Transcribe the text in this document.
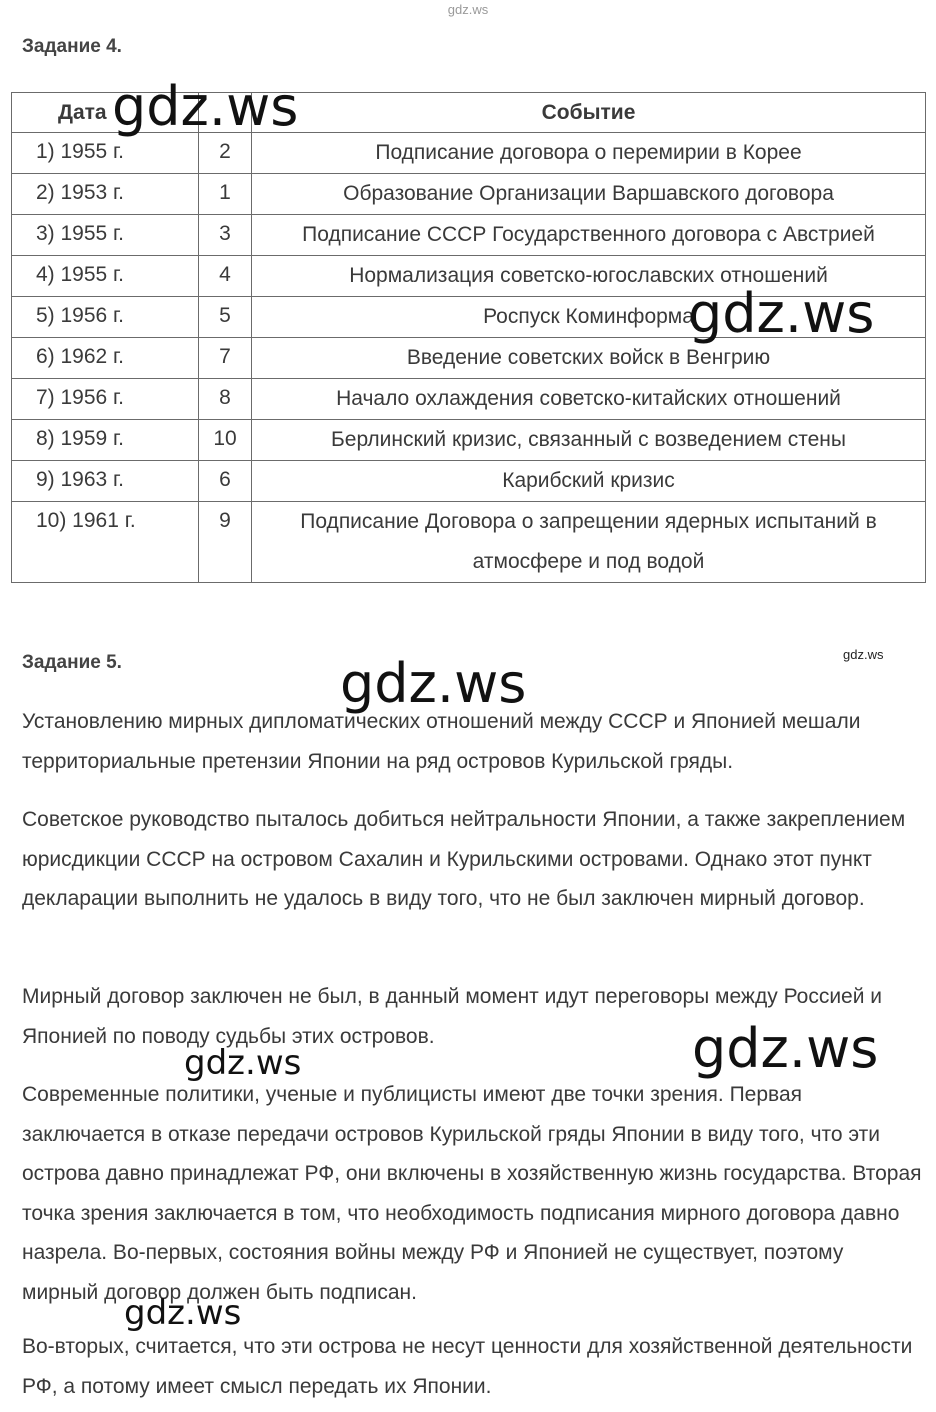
gdz.ws
Задание 4.
Дата		Событие
1) 1955 г.	2	Подписание договора о перемирии в Корее
2) 1953 г.	1	Образование Организации Варшавского договора
3) 1955 г.	3	Подписание СССР Государственного договора с Австрией
4) 1955 г.	4	Нормализация советско-югославских отношений
5) 1956 г.	5	Роспуск Коминформа
6) 1962 г.	7	Введение советских войск в Венгрию
7) 1956 г.	8	Начало охлаждения советско-китайских отношений
8) 1959 г.	10	Берлинский кризис, связанный с возведением стены
9) 1963 г.	6	Карибский кризис
10) 1961 г.	9	Подписание Договора о запрещении ядерных испытаний в атмосфере и под водой
Задание 5.	gdz.ws

Установлению мирных дипломатических отношений между СССР и Японией мешали территориальные претензии Японии на ряд островов Курильской гряды.

Советское руководство пыталось добиться нейтральности Японии, а также закреплением юрисдикции СССР на островом Сахалин и Курильскими островами. Однако этот пункт декларации выполнить не удалось в виду того, что не был заключен мирный договор.

Мирный договор заключен не был, в данный момент идут переговоры между Россией и Японией по поводу судьбы этих островов.

Современные политики, ученые и публицисты имеют две точки зрения. Первая заключается в отказе передачи островов Курильской гряды Японии в виду того, что эти острова давно принадлежат РФ, они включены в хозяйственную жизнь государства. Вторая точка зрения заключается в том, что необходимость подписания мирного договора давно назрела. Во-первых, состояния войны между РФ и Японией не существует, поэтому мирный договор должен быть подписан.

Во-вторых, считается, что эти острова не несут ценности для хозяйственной деятельности РФ, а потому имеет смысл передать их Японии.

gdz.ws
gdz.ws
gdz.ws
gdz.ws
gdz.ws
gdz.ws
